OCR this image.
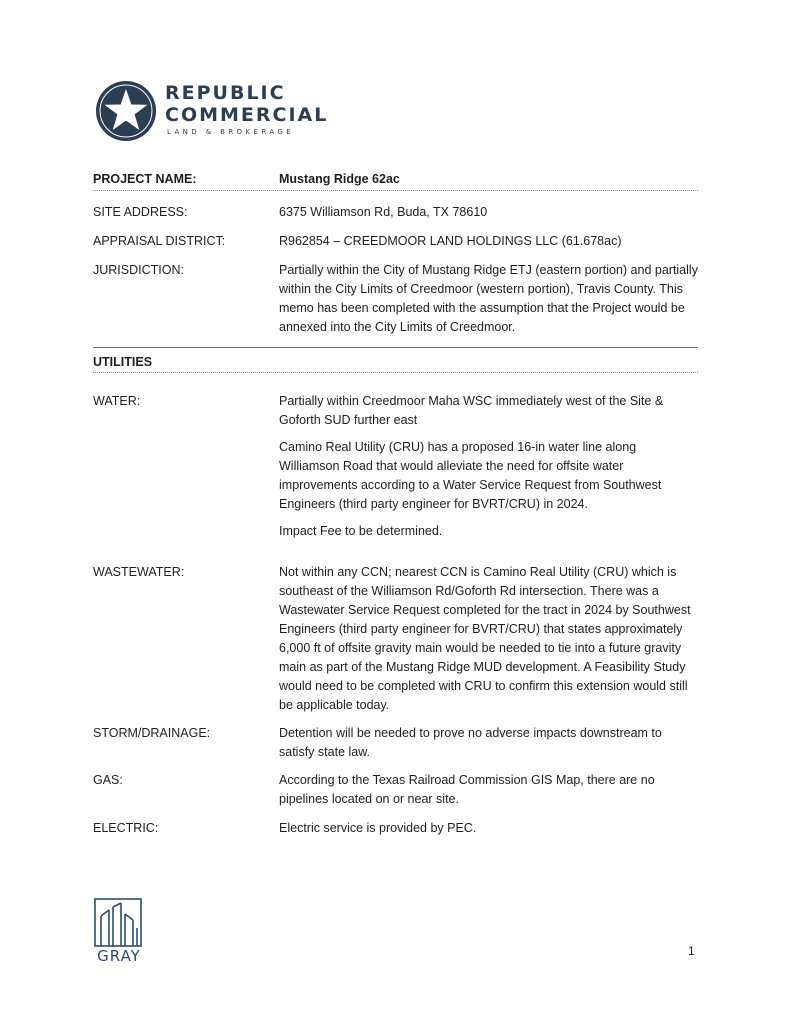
REPUBLIC
COMMERCIAL
LAND & BROKERAGE
PROJECT NAME:	Mustang Ridge 62ac
SITE ADDRESS:	6375 Williamson Rd, Buda, TX 78610
APPRAISAL DISTRICT:	R962854 – CREEDMOOR LAND HOLDINGS LLC (61.678ac)
JURISDICTION:	Partially within the City of Mustang Ridge ETJ (eastern portion) and partially within the City Limits of Creedmoor (western portion), Travis County. This memo has been completed with the assumption that the Project would be annexed into the City Limits of Creedmoor.
UTILITIES
WATER:	Partially within Creedmoor Maha WSC immediately west of the Site & Goforth SUD further east

Camino Real Utility (CRU) has a proposed 16-in water line along Williamson Road that would alleviate the need for offsite water improvements according to a Water Service Request from Southwest Engineers (third party engineer for BVRT/CRU) in 2024.

Impact Fee to be determined.

WASTEWATER:	Not within any CCN; nearest CCN is Camino Real Utility (CRU) which is southeast of the Williamson Rd/Goforth Rd intersection. There was a Wastewater Service Request completed for the tract in 2024 by Southwest Engineers (third party engineer for BVRT/CRU) that states approximately 6,000 ft of offsite gravity main would be needed to tie into a future gravity main as part of the Mustang Ridge MUD development. A Feasibility Study would need to be completed with CRU to confirm this extension would still be applicable today.
STORM/DRAINAGE:	Detention will be needed to prove no adverse impacts downstream to satisfy state law.
GAS:	According to the Texas Railroad Commission GIS Map, there are no pipelines located on or near site.
ELECTRIC:	Electric service is provided by PEC.
GRAY	1
